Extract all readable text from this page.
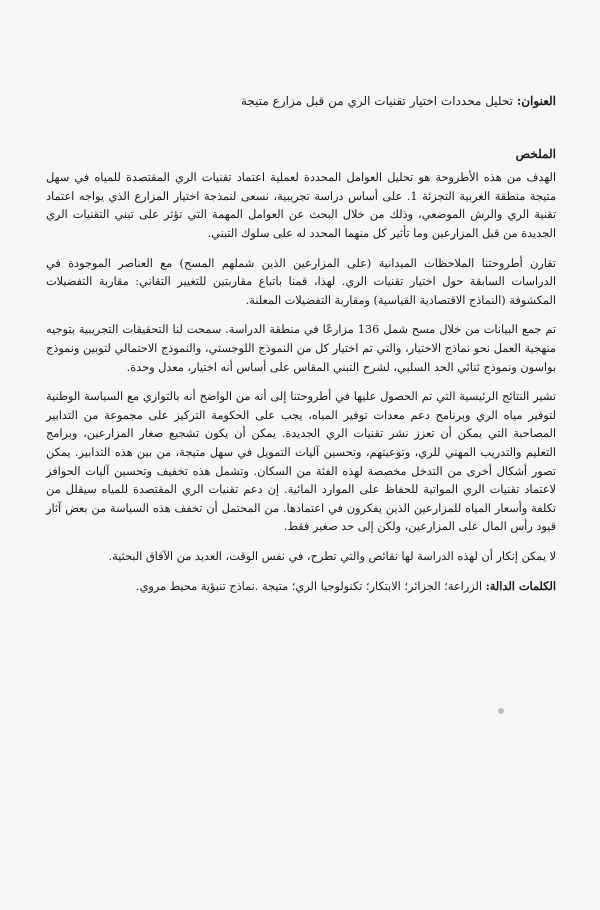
العنوان: تحليل محددات اختيار تقنيات الري من قبل مزارع متيجة
الملخص

الهدف من هذه الأطروحة هو تحليل العوامل المحددة لعملية اعتماد تقنيات الري المقتصدة للمياه في سهل متيجة منطقة الغربية التجزئة 1. على أساس دراسة تجريبية، نسعى لنمذجة اختيار المزارع الذي يواجه اعتماد تقنية الري والرش الموضعي، وذلك من خلال البحث عن العوامل المهمة التي تؤثر على تبني التقنيات الري الجديدة من قبل المزارعين وما تأثير كل منهما المحدد له على سلوك التبني.

تقارن أطروحتنا الملاحظات الميدانية (على المزارعين الذين شملهم المسح) مع العناصر الموجودة في الدراسات السابقة حول اختيار تقنيات الري. لهذا، قمنا باتباع مقاربتين للتغيير التقاني: مقاربة التفضيلات المكشوفة (النماذج الاقتصادية القياسية) ومقاربة التفضيلات المعلنة.

تم جمع البيانات من خلال مسح شمل 136 مزارعًا في منطقة الدراسة. سمحت لنا التحقيقات التجريبية بتوجيه منهجية العمل نحو نماذج الاختيار، والتي تم اختيار كل من النموذج اللوجستي، والنموذج الاحتمالي لتوبين ونموذج بواسون ونموذج ثنائي الحد السلبي، لشرح التبني المقاس على أساس أنه اختيار، معدل وحدة.

تشير النتائج الرئيسية التي تم الحصول عليها في أطروحتنا إلى أنه من الواضح أنه بالتوازي مع السياسة الوطنية لتوفير مياه الري وبرنامج دعم معدات توفير المياه، يجب على الحكومة التركيز على مجموعة من التدابير المصاحبة التي يمكن أن تعزز نشر تقنيات الري الجديدة. يمكن أن يكون تشجيع صغار المزارعين، وبرامج التعليم والتدريب المهني للري، وتوعيتهم، وتحسين آليات التمويل في سهل متيجة، من بين هذه التدابير. يمكن تصور أشكال أخرى من التدخل مخصصة لهذه الفئة من السكان. وتشمل هذه تخفيف وتحسين آليات الحوافز لاعتماد تقنيات الري المواتية للحفاظ على الموارد المائية. إن دعم تقنيات الري المقتصدة للمياه سيقلل من تكلفة وأسعار المياه للمزارعين الذين يفكرون في اعتمادها. من المحتمل أن تخفف هذه السياسة من بعض آثار قيود رأس المال على المزارعين، ولكن إلى حد صغير فقط.

لا يمكن إنكار أن لهذه الدراسة لها نقائص والتي تطرح، في نفس الوقت، العديد من الآفاق البحثية.

الكلمات الدالة: الزراعة؛ الجزائر؛ الابتكار؛ تكنولوجيا الري؛ متيجة .نماذج تنبؤية محيط مروي.
